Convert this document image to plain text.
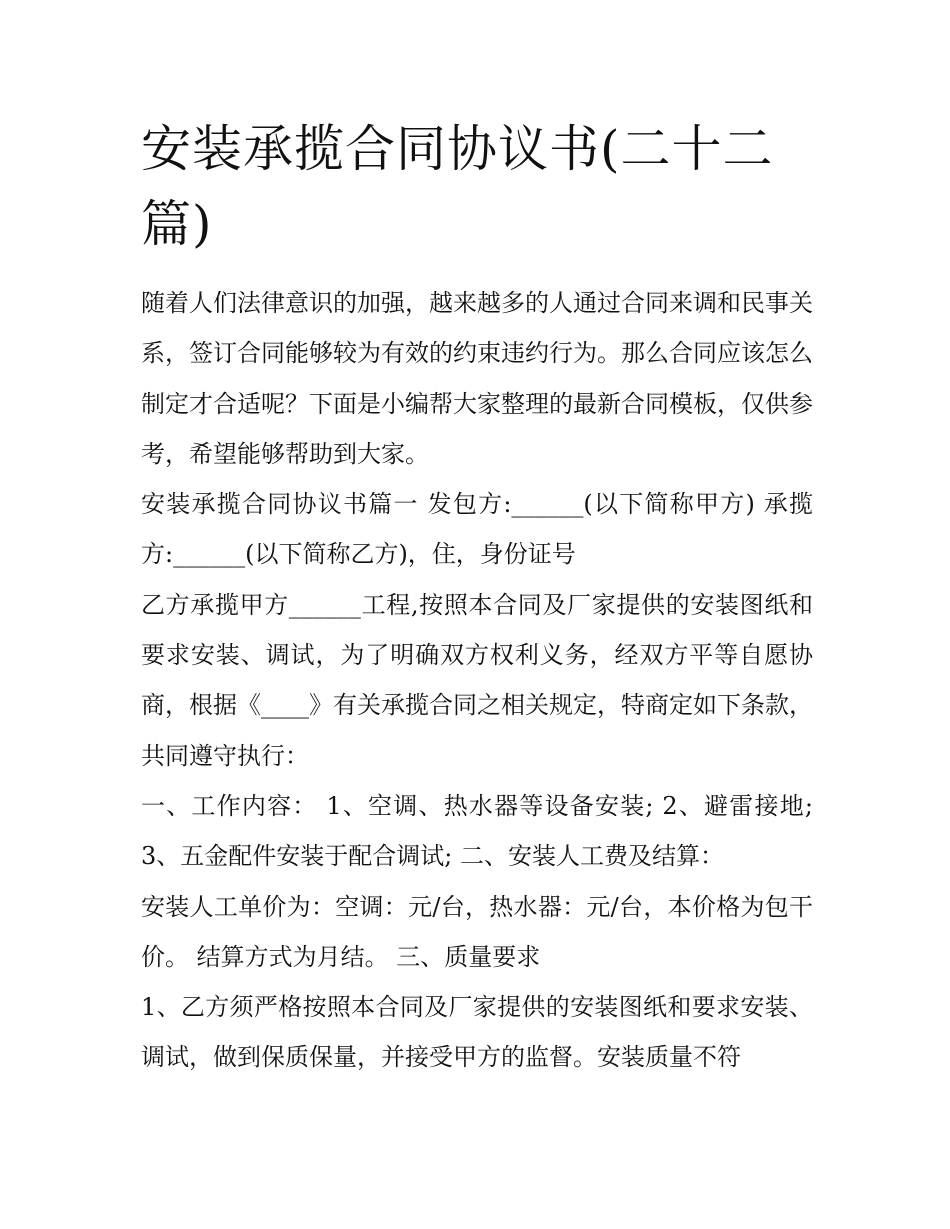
安装承揽合同协议书(二十二篇)

随着人们法律意识的加强，越来越多的人通过合同来调和民事关系，签订合同能够较为有效的约束违约行为。那么合同应该怎么制定才合适呢？下面是小编帮大家整理的最新合同模板，仅供参考，希望能够帮助到大家。

安装承揽合同协议书篇一 发包方:______(以下简称甲方) 承揽方:______(以下简称乙方)，住，身份证号

乙方承揽甲方______工程,按照本合同及厂家提供的安装图纸和要求安装、调试，为了明确双方权利义务，经双方平等自愿协商，根据《____》有关承揽合同之相关规定，特商定如下条款，共同遵守执行：

一、工作内容： 1、空调、热水器等设备安装; 2、避雷接地; 3、五金配件安装于配合调试; 二、安装人工费及结算：

安装人工单价为：空调：元/台，热水器：元/台，本价格为包干价。 结算方式为月结。 三、质量要求

1、乙方须严格按照本合同及厂家提供的安装图纸和要求安装、调试，做到保质保量，并接受甲方的监督。安装质量不符
